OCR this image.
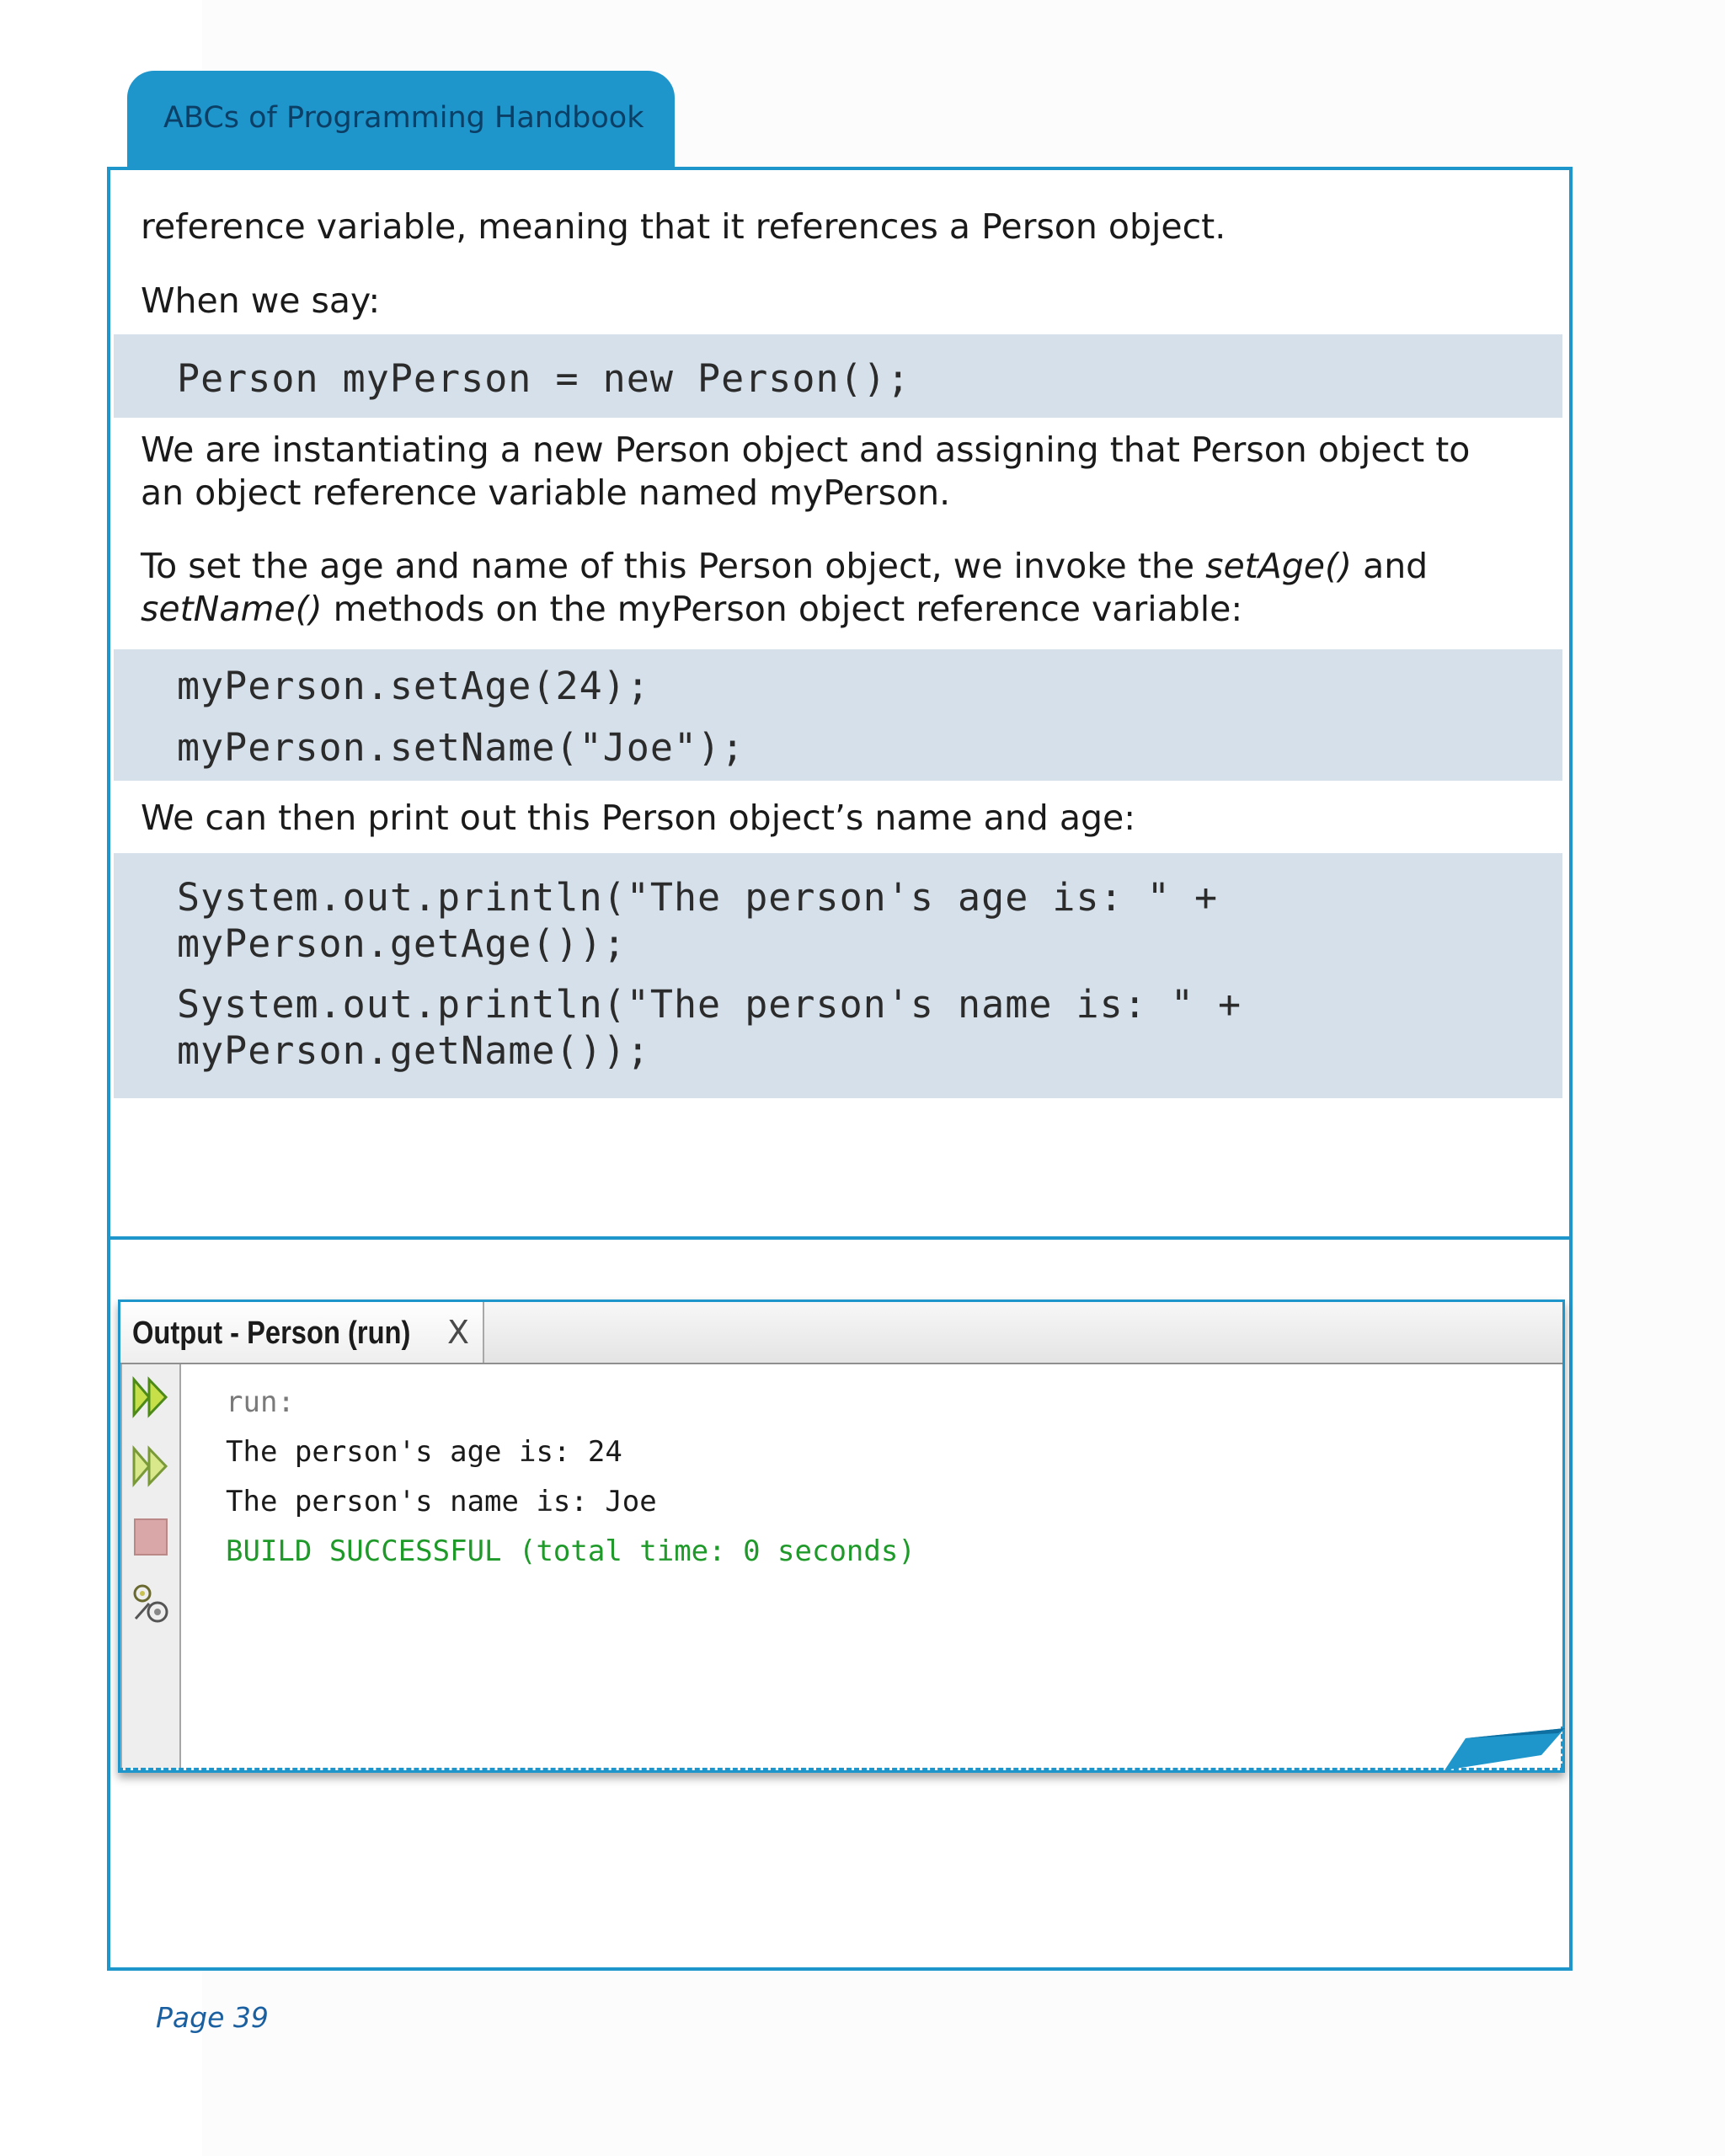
ABCs of Programming Handbook
reference variable, meaning that it references a Person object.
When we say:
Person myPerson = new Person();
We are instantiating a new Person object and assigning that Person object to
an object reference variable named myPerson.
To set the age and name of this Person object, we invoke the setAge() and
setName() methods on the myPerson object reference variable:
myPerson.setAge(24);
myPerson.setName("Joe");
We can then print out this Person object’s name and age:
System.out.println("The person's age is: " +
myPerson.getAge());
System.out.println("The person's name is: " +
myPerson.getName());
Output - Person (run) X
run:
The person's age is: 24
The person's name is: Joe
BUILD SUCCESSFUL (total time: 0 seconds)
Page 39
